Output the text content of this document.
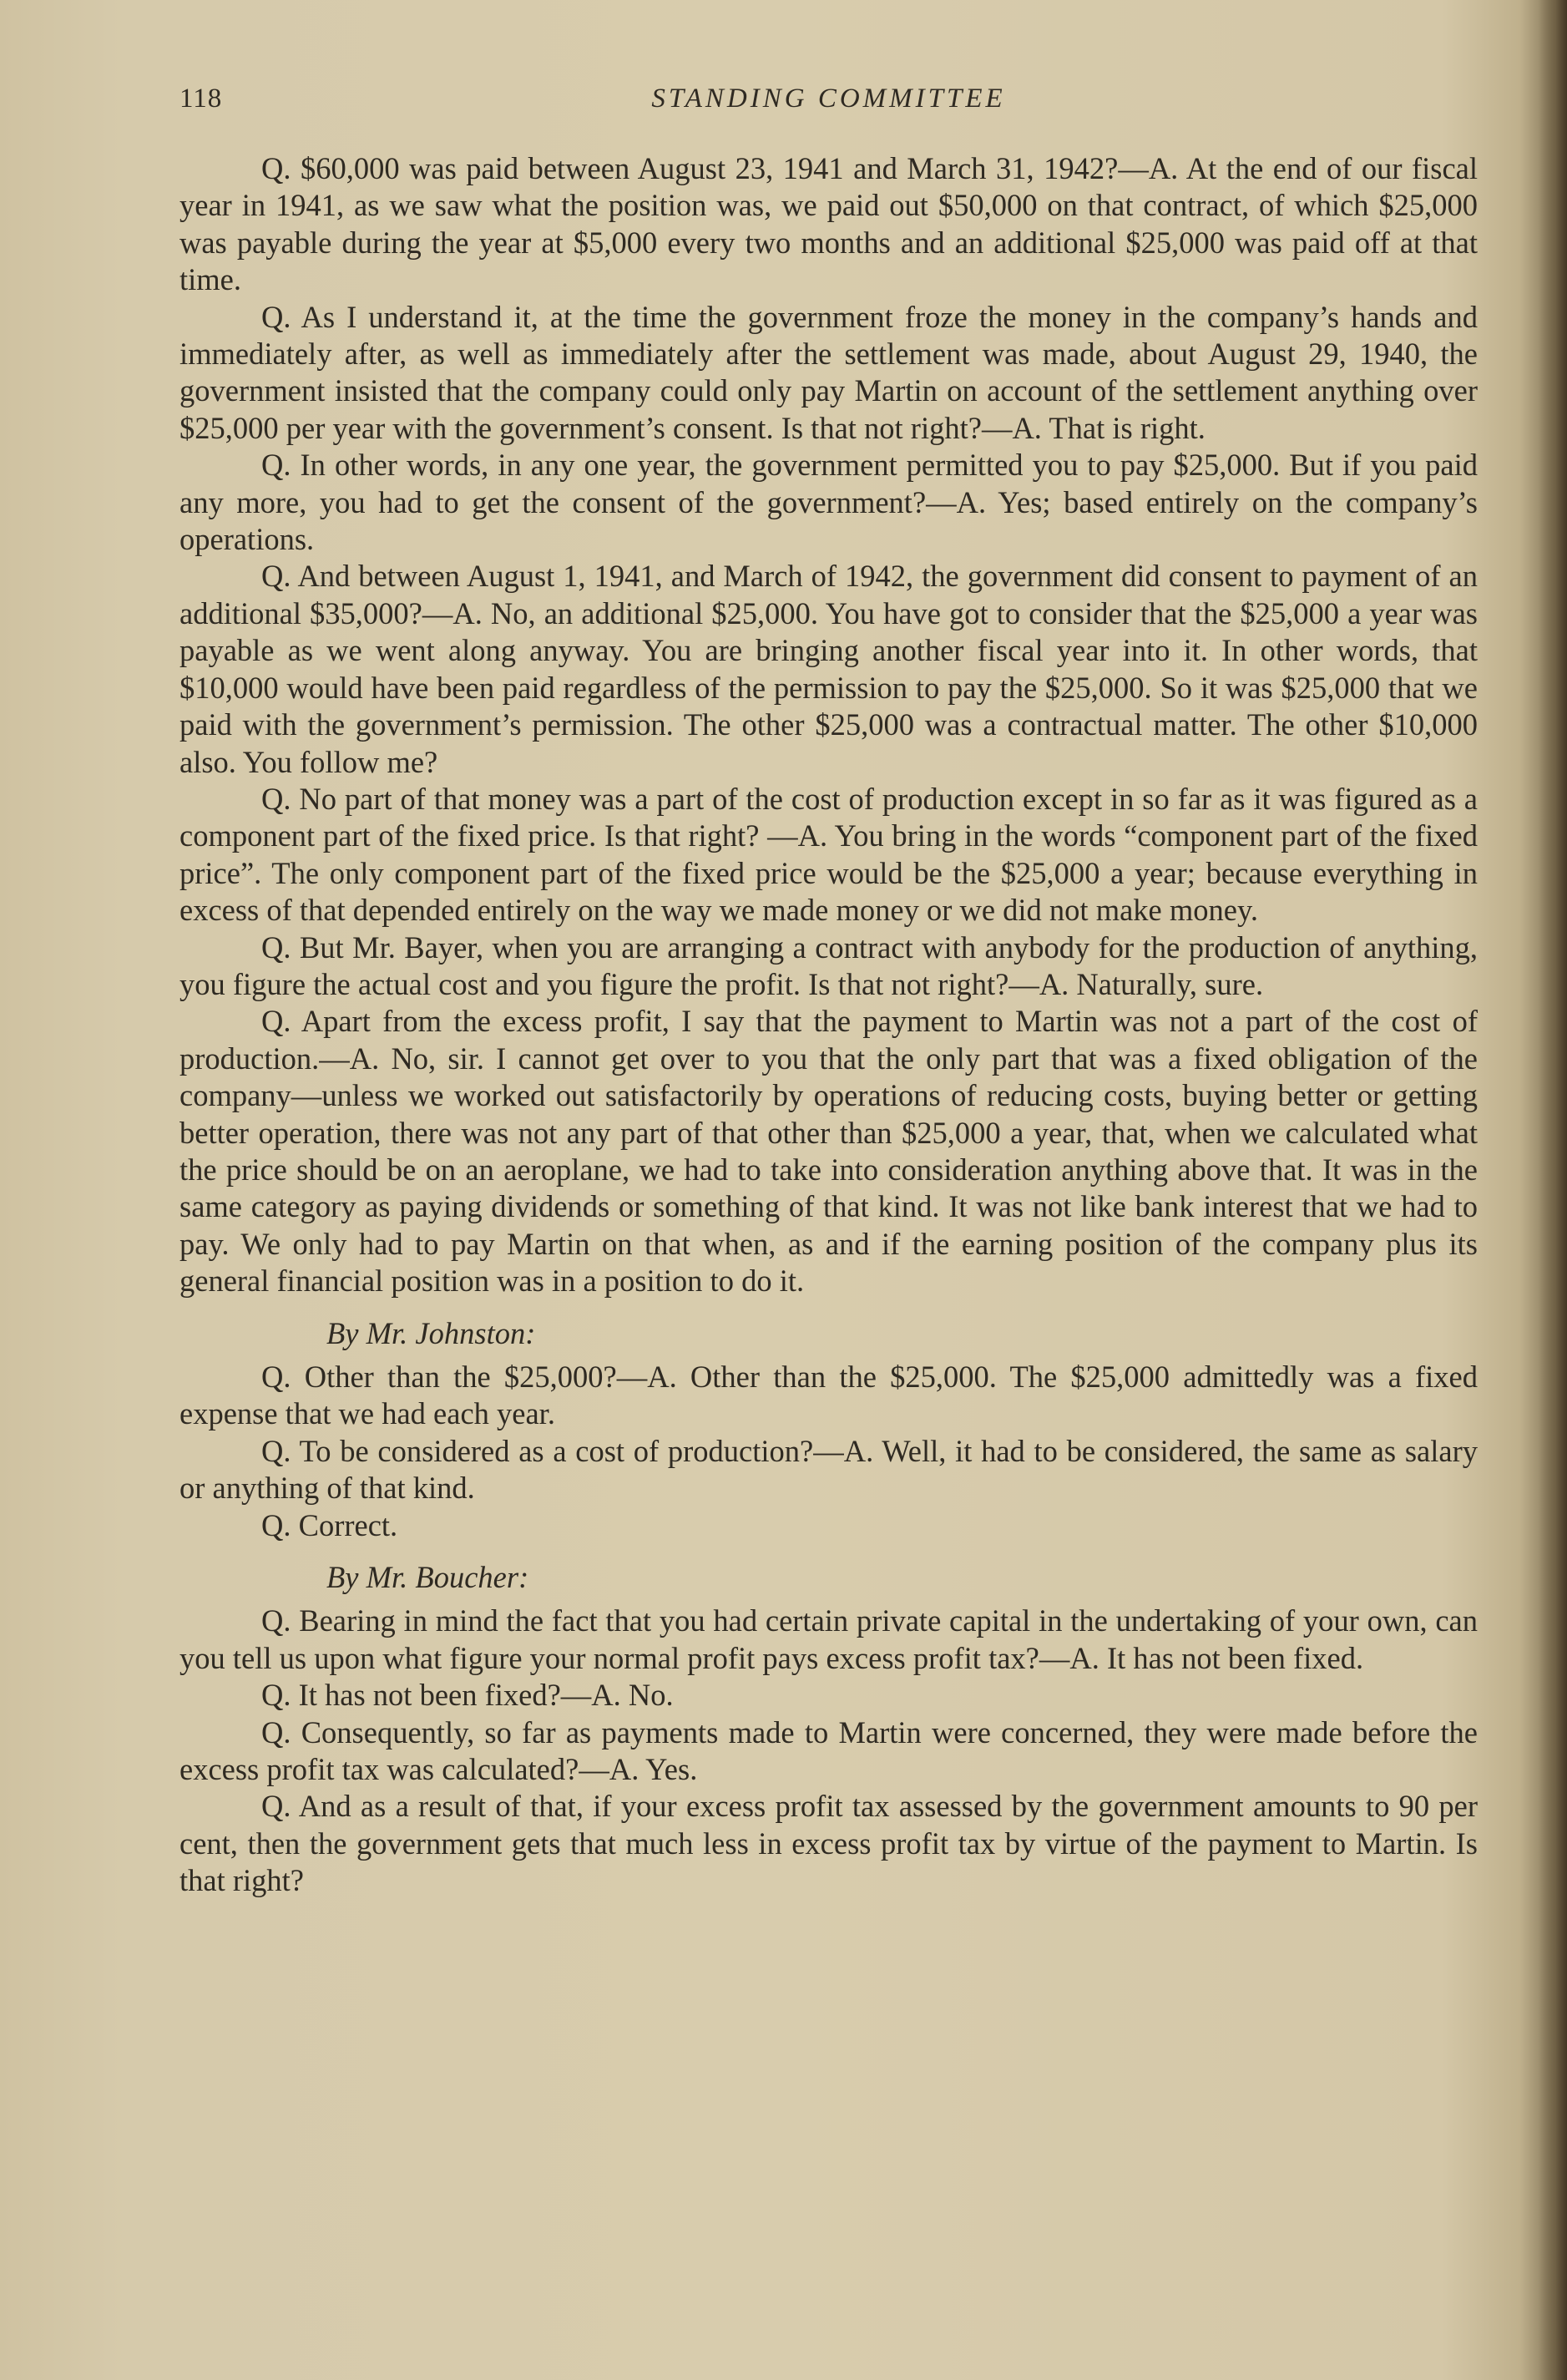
118	STANDING COMMITTEE

Q. $60,000 was paid between August 23, 1941 and March 31, 1942?—A. At the end of our fiscal year in 1941, as we saw what the position was, we paid out $50,000 on that contract, of which $25,000 was payable during the year at $5,000 every two months and an additional $25,000 was paid off at that time.

Q. As I understand it, at the time the government froze the money in the company’s hands and immediately after, as well as immediately after the settlement was made, about August 29, 1940, the government insisted that the company could only pay Martin on account of the settlement anything over $25,000 per year with the government’s consent. Is that not right?—A. That is right.

Q. In other words, in any one year, the government permitted you to pay $25,000. But if you paid any more, you had to get the consent of the government?—A. Yes; based entirely on the company’s operations.

Q. And between August 1, 1941, and March of 1942, the government did consent to payment of an additional $35,000?—A. No, an additional $25,000. You have got to consider that the $25,000 a year was payable as we went along anyway. You are bringing another fiscal year into it. In other words, that $10,000 would have been paid regardless of the permission to pay the $25,000. So it was $25,000 that we paid with the government’s permission. The other $25,000 was a contractual matter. The other $10,000 also. You follow me?

Q. No part of that money was a part of the cost of production except in so far as it was figured as a component part of the fixed price. Is that right? —A. You bring in the words “component part of the fixed price”. The only component part of the fixed price would be the $25,000 a year; because everything in excess of that depended entirely on the way we made money or we did not make money.

Q. But Mr. Bayer, when you are arranging a contract with anybody for the production of anything, you figure the actual cost and you figure the profit. Is that not right?—A. Naturally, sure.

Q. Apart from the excess profit, I say that the payment to Martin was not a part of the cost of production.—A. No, sir. I cannot get over to you that the only part that was a fixed obligation of the company—unless we worked out satisfactorily by operations of reducing costs, buying better or getting better operation, there was not any part of that other than $25,000 a year, that, when we calculated what the price should be on an aeroplane, we had to take into consideration anything above that. It was in the same category as paying dividends or something of that kind. It was not like bank interest that we had to pay. We only had to pay Martin on that when, as and if the earning position of the company plus its general financial position was in a position to do it.

By Mr. Johnston:

Q. Other than the $25,000?—A. Other than the $25,000. The $25,000 admittedly was a fixed expense that we had each year.

Q. To be considered as a cost of production?—A. Well, it had to be considered, the same as salary or anything of that kind.

Q. Correct.

By Mr. Boucher:

Q. Bearing in mind the fact that you had certain private capital in the undertaking of your own, can you tell us upon what figure your normal profit pays excess profit tax?—A. It has not been fixed.

Q. It has not been fixed?—A. No.

Q. Consequently, so far as payments made to Martin were concerned, they were made before the excess profit tax was calculated?—A. Yes.

Q. And as a result of that, if your excess profit tax assessed by the government amounts to 90 per cent, then the government gets that much less in excess profit tax by virtue of the payment to Martin. Is that right?
